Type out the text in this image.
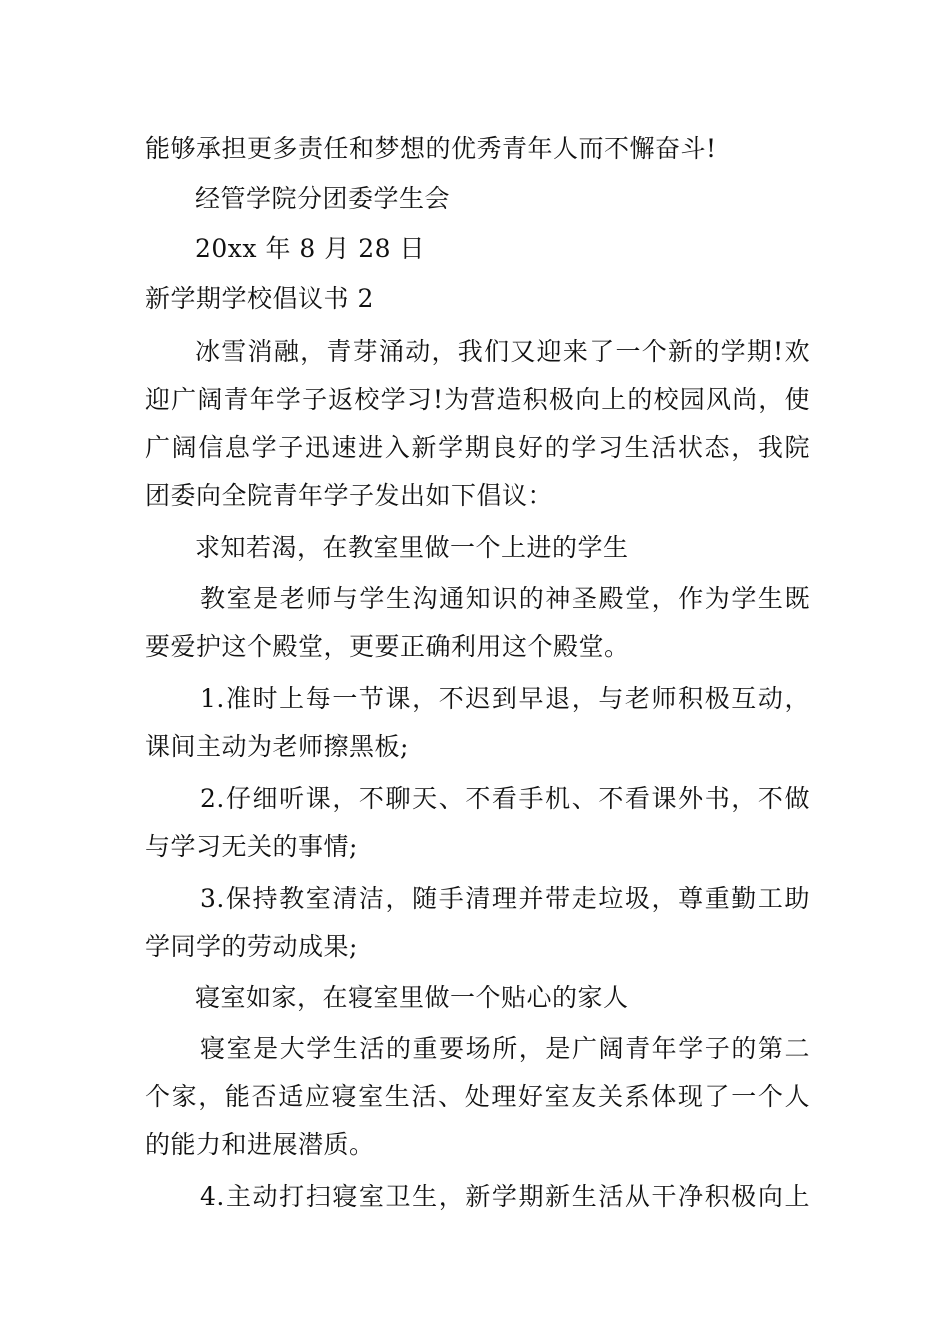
能够承担更多责任和梦想的优秀青年人而不懈奋斗!
经管学院分团委学生会
20xx 年 8 月 28 日
新学期学校倡议书 2
冰雪消融，青芽涌动，我们又迎来了一个新的学期!欢
迎广阔青年学子返校学习!为营造积极向上的校园风尚，使
广阔信息学子迅速进入新学期良好的学习生活状态，我院
团委向全院青年学子发出如下倡议：
求知若渴，在教室里做一个上进的学生
教室是老师与学生沟通知识的神圣殿堂，作为学生既
要爱护这个殿堂，更要正确利用这个殿堂。
1.准时上每一节课，不迟到早退，与老师积极互动，
课间主动为老师擦黑板;
2.仔细听课，不聊天、不看手机、不看课外书，不做
与学习无关的事情;
3.保持教室清洁，随手清理并带走垃圾，尊重勤工助
学同学的劳动成果;
寝室如家，在寝室里做一个贴心的家人
寝室是大学生活的重要场所，是广阔青年学子的第二
个家，能否适应寝室生活、处理好室友关系体现了一个人
的能力和进展潜质。
4.主动打扫寝室卫生，新学期新生活从干净积极向上
